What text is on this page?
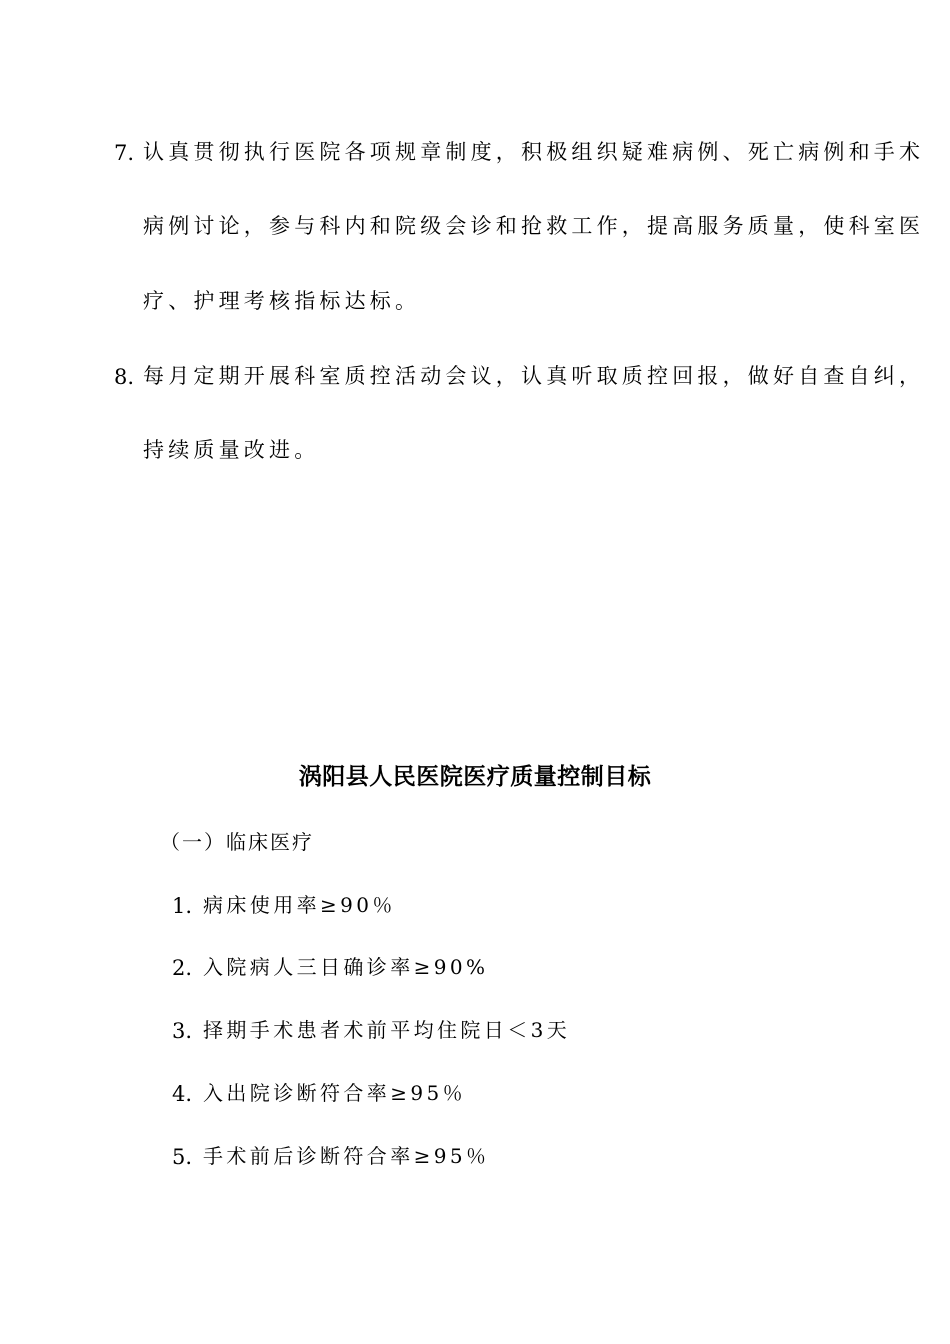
7. 认真贯彻执行医院各项规章制度，积极组织疑难病例、死亡病例和手术
病例讨论，参与科内和院级会诊和抢救工作，提高服务质量，使科室医
疗、护理考核指标达标。
8. 每月定期开展科室质控活动会议，认真听取质控回报，做好自查自纠，
持续质量改进。
涡阳县人民医院医疗质量控制目标
（一）临床医疗
1. 病床使用率≥90％
2. 入院病人三日确诊率≥90%
3. 择期手术患者术前平均住院日＜3天
4. 入出院诊断符合率≥95％
5. 手术前后诊断符合率≥95％
